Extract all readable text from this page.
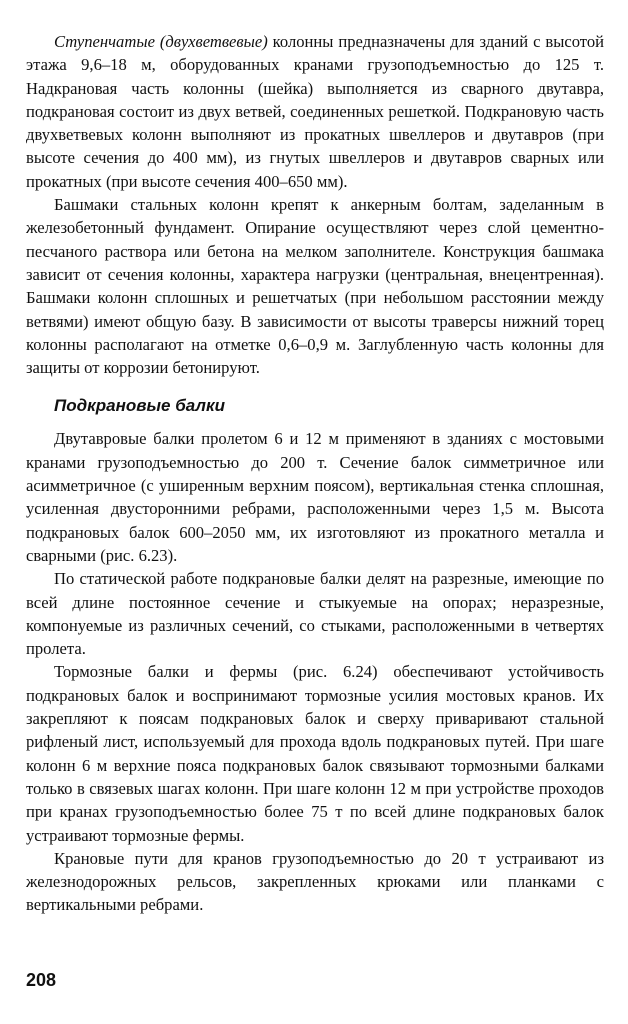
Ступенчатые (двухветвевые) колонны предназначены для зданий с высотой этажа 9,6–18 м, оборудованных кранами грузоподъемностью до 125 т. Надкрановая часть колонны (шейка) выполняется из сварного двутавра, подкрановая состоит из двух ветвей, соединенных решеткой. Подкрановую часть двухветвевых колонн выполняют из прокатных швеллеров и двутавров (при высоте сечения до 400 мм), из гнутых швеллеров и двутавров сварных или прокатных (при высоте сечения 400–650 мм).

Башмаки стальных колонн крепят к анкерным болтам, заделанным в железобетонный фундамент. Опирание осуществляют через слой цементно-песчаного раствора или бетона на мелком заполнителе. Конструкция башмака зависит от сечения колонны, характера нагрузки (центральная, внецентренная). Башмаки колонн сплошных и решетчатых (при небольшом расстоянии между ветвями) имеют общую базу. В зависимости от высоты траверсы нижний торец колонны располагают на отметке 0,6–0,9 м. Заглубленную часть колонны для защиты от коррозии бетонируют.

Подкрановые балки

Двутавровые балки пролетом 6 и 12 м применяют в зданиях с мостовыми кранами грузоподъемностью до 200 т. Сечение балок симметричное или асимметричное (с уширенным верхним поясом), вертикальная стенка сплошная, усиленная двусторонними ребрами, расположенными через 1,5 м. Высота подкрановых балок 600–2050 мм, их изготовляют из прокатного металла и сварными (рис. 6.23).

По статической работе подкрановые балки делят на разрезные, имеющие по всей длине постоянное сечение и стыкуемые на опорах; неразрезные, компонуемые из различных сечений, со стыками, расположенными в четвертях пролета.

Тормозные балки и фермы (рис. 6.24) обеспечивают устойчивость подкрановых балок и воспринимают тормозные усилия мостовых кранов. Их закрепляют к поясам подкрановых балок и сверху приваривают стальной рифленый лист, используемый для прохода вдоль подкрановых путей. При шаге колонн 6 м верхние пояса подкрановых балок связывают тормозными балками только в связевых шагах колонн. При шаге колонн 12 м при устройстве проходов при кранах грузоподъемностью более 75 т по всей длине подкрановых балок устраивают тормозные фермы.

Крановые пути для кранов грузоподъемностью до 20 т устраивают из железнодорожных рельсов, закрепленных крюками или планками с вертикальными ребрами.

208
